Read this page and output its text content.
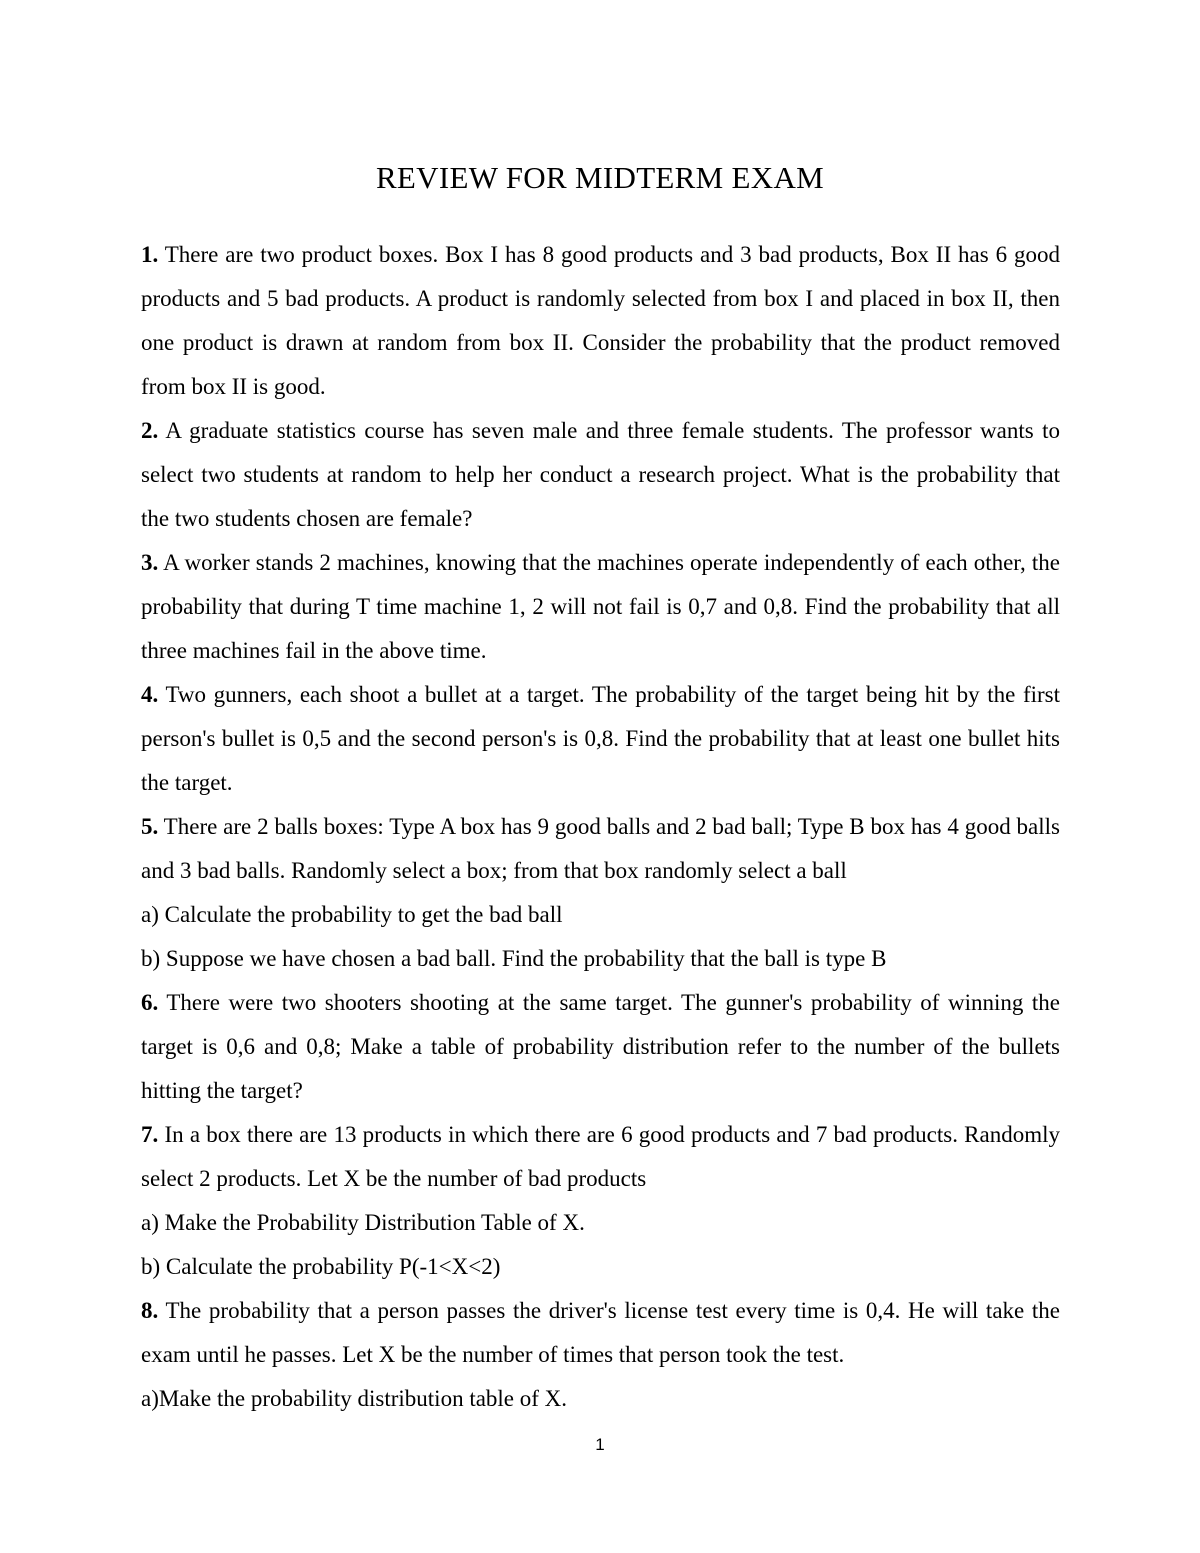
REVIEW FOR MIDTERM EXAM

1. There are two product boxes. Box I has 8 good products and 3 bad products, Box II has 6 good products and 5 bad products. A product is randomly selected from box I and placed in box II, then one product is drawn at random from box II. Consider the probability that the product removed from box II is good.

2. A graduate statistics course has seven male and three female students. The professor wants to select two students at random to help her conduct a research project. What is the probability that the two students chosen are female?

3. A worker stands 2 machines, knowing that the machines operate independently of each other, the probability that during T time machine 1, 2 will not fail is 0,7 and 0,8. Find the probability that all three machines fail in the above time.

4. Two gunners, each shoot a bullet at a target. The probability of the target being hit by the first person's bullet is 0,5 and the second person's is 0,8. Find the probability that at least one bullet hits the target.

5. There are 2 balls boxes: Type A box has 9 good balls and 2 bad ball; Type B box has 4 good balls and 3 bad balls. Randomly select a box; from that box randomly select a ball

a) Calculate the probability to get the bad ball

b) Suppose we have chosen a bad ball. Find the probability that the ball is type B

6. There were two shooters shooting at the same target. The gunner's probability of winning the target is 0,6 and 0,8; Make a table of probability distribution refer to the number of the bullets hitting the target?

7. In a box there are 13 products in which there are 6 good products and 7 bad products. Randomly select 2 products. Let X be the number of bad products

a) Make the Probability Distribution Table of X.

b) Calculate the probability P(-1<X<2)

8. The probability that a person passes the driver's license test every time is 0,4. He will take the exam until he passes. Let X be the number of times that person took the test.

a)Make the probability distribution table of X.

1
